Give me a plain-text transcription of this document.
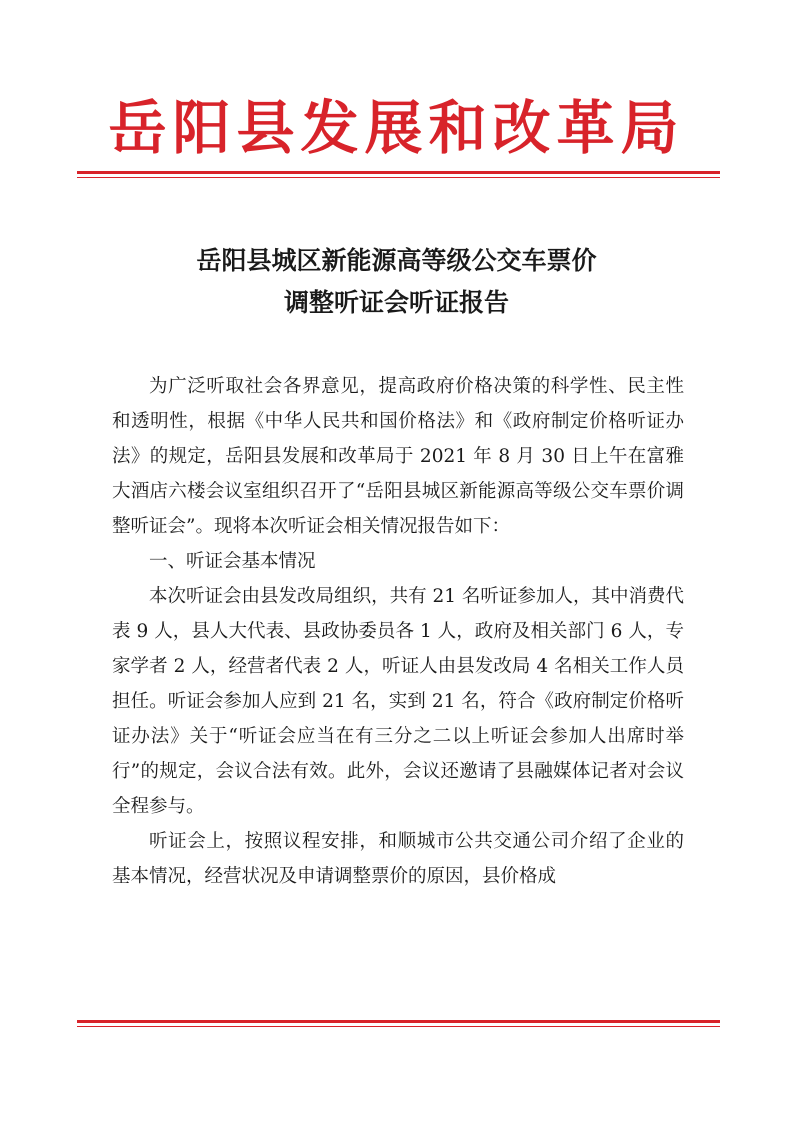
岳阳县发展和改革局
岳阳县城区新能源高等级公交车票价
调整听证会听证报告

为广泛听取社会各界意见，提高政府价格决策的科学性、民主性和透明性，根据《中华人民共和国价格法》和《政府制定价格听证办法》的规定，岳阳县发展和改革局于 2021 年 8 月 30 日上午在富雅大酒店六楼会议室组织召开了“岳阳县城区新能源高等级公交车票价调整听证会”。现将本次听证会相关情况报告如下：

一、听证会基本情况

本次听证会由县发改局组织，共有 21 名听证参加人，其中消费代表 9 人，县人大代表、县政协委员各 1 人，政府及相关部门 6 人，专家学者 2 人，经营者代表 2 人，听证人由县发改局 4 名相关工作人员担任。听证会参加人应到 21 名，实到 21 名，符合《政府制定价格听证办法》关于“听证会应当在有三分之二以上听证会参加人出席时举行”的规定，会议合法有效。此外，会议还邀请了县融媒体记者对会议全程参与。

听证会上，按照议程安排，和顺城市公共交通公司介绍了企业的基本情况，经营状况及申请调整票价的原因，县价格成
